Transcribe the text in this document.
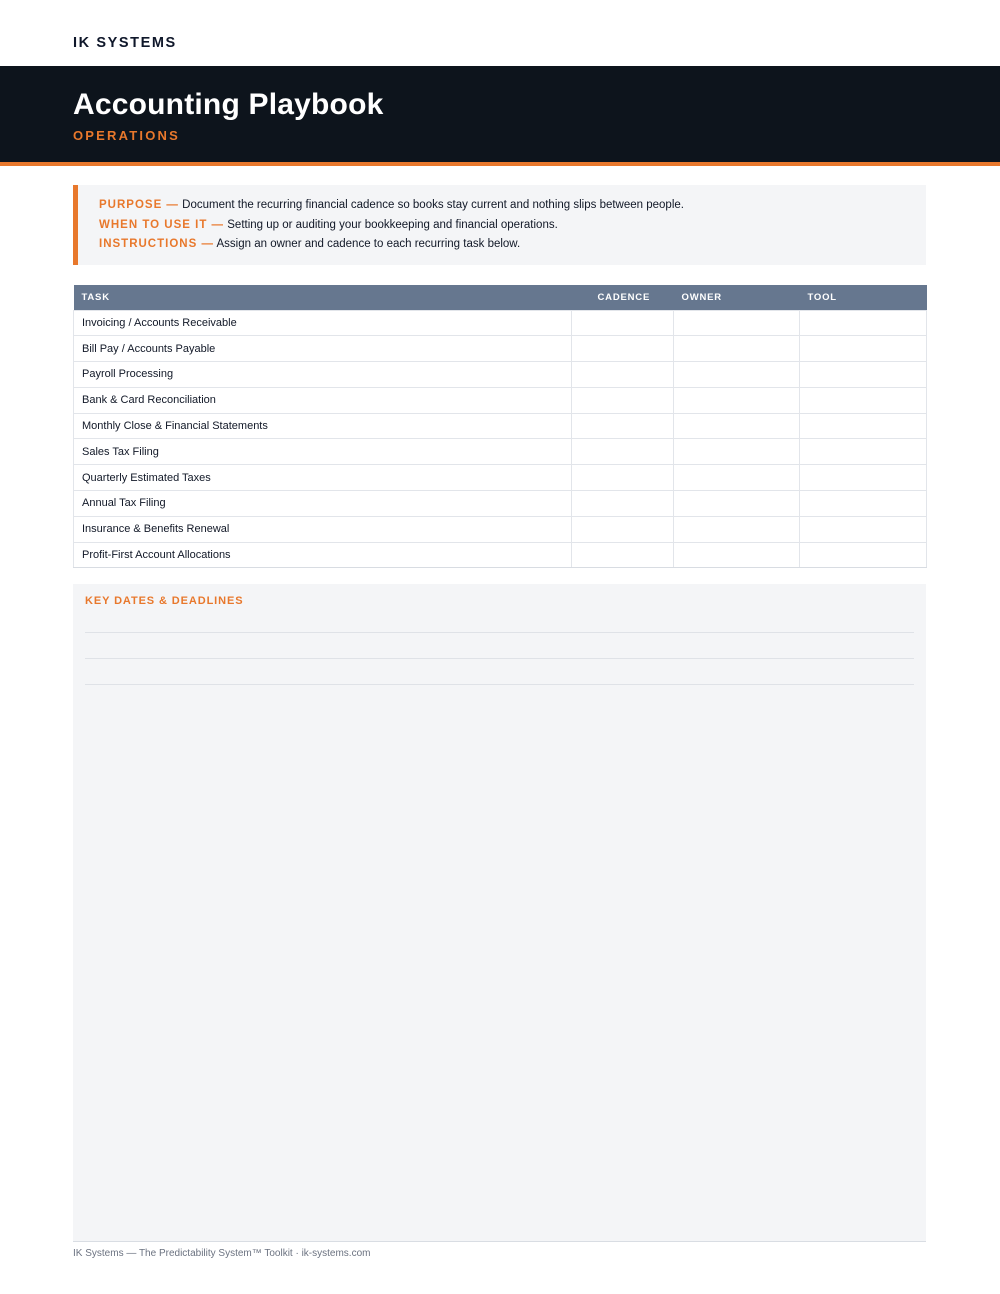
IK SYSTEMS
Accounting Playbook
OPERATIONS
PURPOSE — Document the recurring financial cadence so books stay current and nothing slips between people.
WHEN TO USE IT — Setting up or auditing your bookkeeping and financial operations.
INSTRUCTIONS — Assign an owner and cadence to each recurring task below.
TASK	CADENCE	OWNER	TOOL
Invoicing / Accounts Receivable			
Bill Pay / Accounts Payable			
Payroll Processing			
Bank & Card Reconciliation			
Monthly Close & Financial Statements			
Sales Tax Filing			
Quarterly Estimated Taxes			
Annual Tax Filing			
Insurance & Benefits Renewal			
Profit-First Account Allocations			
KEY DATES & DEADLINES
IK Systems — The Predictability System™ Toolkit · ik-systems.com
